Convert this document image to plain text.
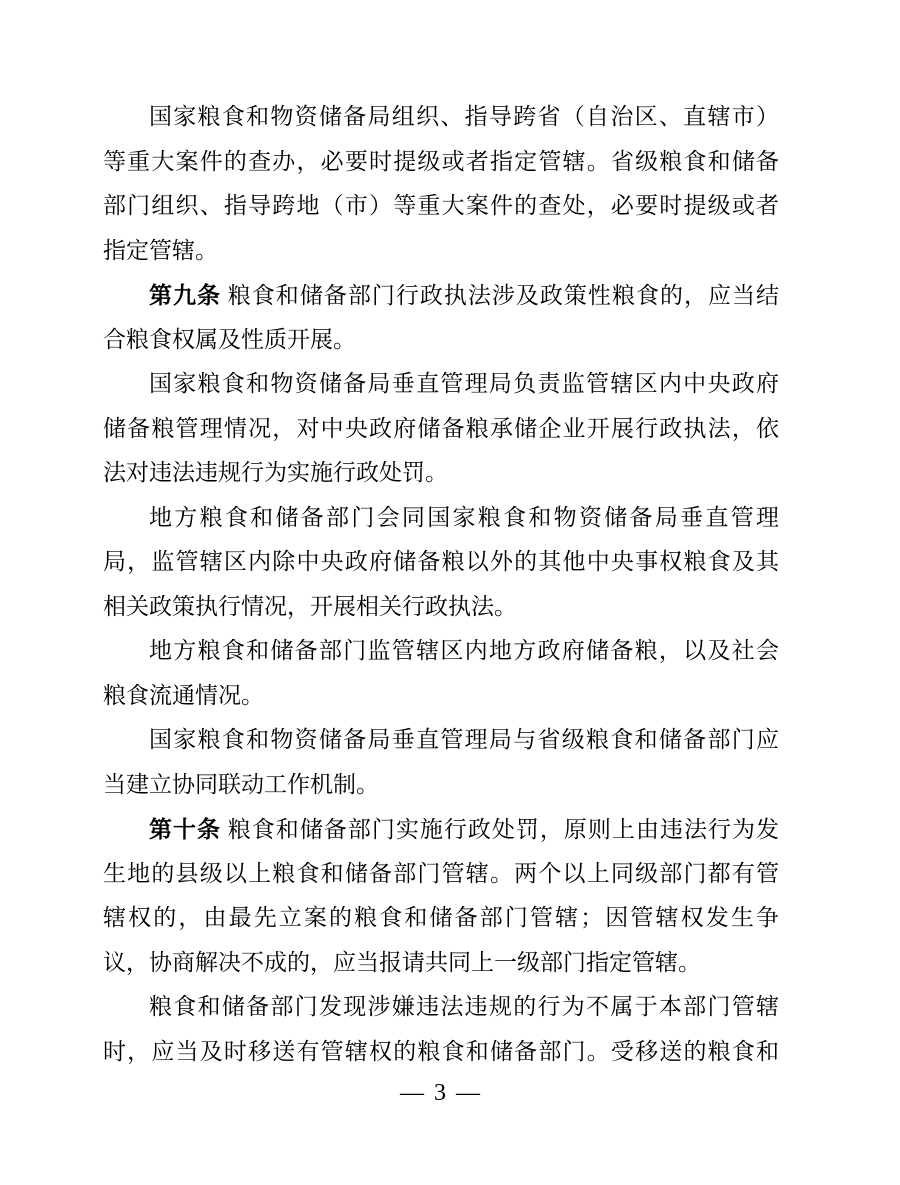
国家粮食和物资储备局组织、指导跨省（自治区、直辖市）
等重大案件的查办，必要时提级或者指定管辖。省级粮食和储备
部门组织、指导跨地（市）等重大案件的查处，必要时提级或者
指定管辖。
第九条 粮食和储备部门行政执法涉及政策性粮食的，应当结
合粮食权属及性质开展。
国家粮食和物资储备局垂直管理局负责监管辖区内中央政府
储备粮管理情况，对中央政府储备粮承储企业开展行政执法，依
法对违法违规行为实施行政处罚。
地方粮食和储备部门会同国家粮食和物资储备局垂直管理
局，监管辖区内除中央政府储备粮以外的其他中央事权粮食及其
相关政策执行情况，开展相关行政执法。
地方粮食和储备部门监管辖区内地方政府储备粮，以及社会
粮食流通情况。
国家粮食和物资储备局垂直管理局与省级粮食和储备部门应
当建立协同联动工作机制。
第十条 粮食和储备部门实施行政处罚，原则上由违法行为发
生地的县级以上粮食和储备部门管辖。两个以上同级部门都有管
辖权的，由最先立案的粮食和储备部门管辖；因管辖权发生争
议，协商解决不成的，应当报请共同上一级部门指定管辖。
粮食和储备部门发现涉嫌违法违规的行为不属于本部门管辖
时，应当及时移送有管辖权的粮食和储备部门。受移送的粮食和
— 3 —
